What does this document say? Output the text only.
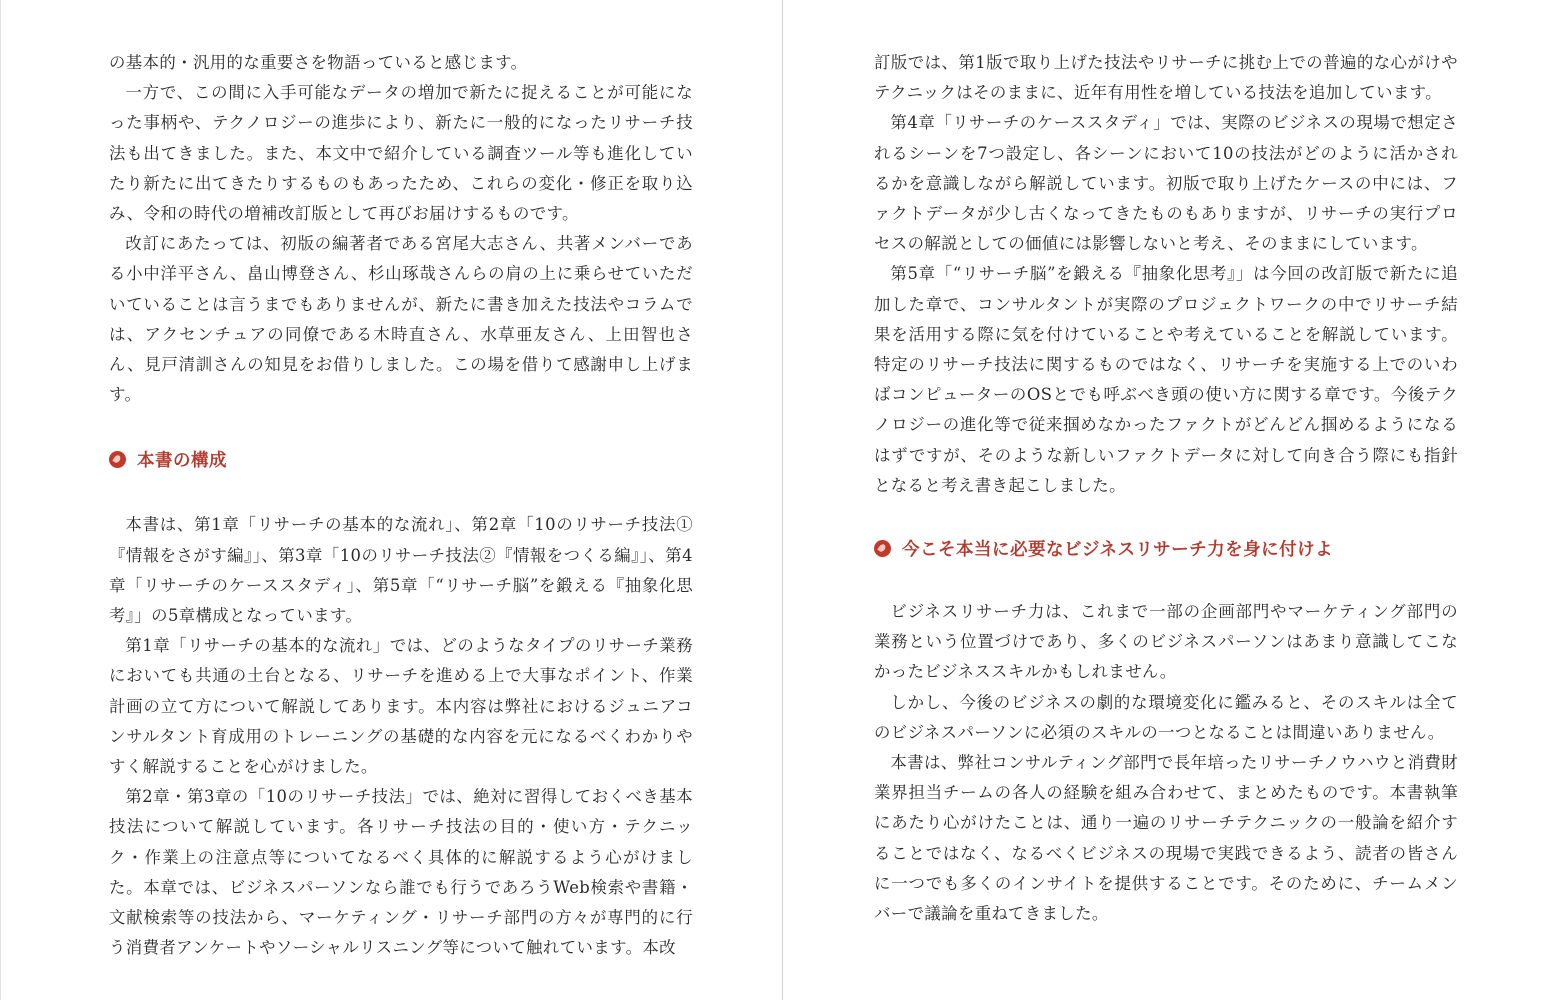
の基本的・汎用的な重要さを物語っていると感じます。

一方で、この間に入手可能なデータの増加で新たに捉えることが可能になった事柄や、テクノロジーの進歩により、新たに一般的になったリサーチ技法も出てきました。また、本文中で紹介している調査ツール等も進化していたり新たに出てきたりするものもあったため、これらの変化・修正を取り込み、令和の時代の増補改訂版として再びお届けするものです。

改訂にあたっては、初版の編著者である宮尾大志さん、共著メンバーである小中洋平さん、畠山博登さん、杉山琢哉さんらの肩の上に乗らせていただいていることは言うまでもありませんが、新たに書き加えた技法やコラムでは、アクセンチュアの同僚である木時直さん、水草亜友さん、上田智也さん、見戸清訓さんの知見をお借りしました。この場を借りて感謝申し上げます。

本書の構成

本書は、第1章「リサーチの基本的な流れ」、第2章「10のリサーチ技法①『情報をさがす編』」、第3章「10のリサーチ技法②『情報をつくる編』」、第4章「リサーチのケーススタディ」、第5章「“リサーチ脳”を鍛える『抽象化思考』」の5章構成となっています。

第1章「リサーチの基本的な流れ」では、どのようなタイプのリサーチ業務においても共通の土台となる、リサーチを進める上で大事なポイント、作業計画の立て方について解説してあります。本内容は弊社におけるジュニアコンサルタント育成用のトレーニングの基礎的な内容を元になるべくわかりやすく解説することを心がけました。

第2章・第3章の「10のリサーチ技法」では、絶対に習得しておくべき基本技法について解説しています。各リサーチ技法の目的・使い方・テクニック・作業上の注意点等についてなるべく具体的に解説するよう心がけました。本章では、ビジネスパーソンなら誰でも行うであろうWeb検索や書籍・文献検索等の技法から、マーケティング・リサーチ部門の方々が専門的に行う消費者アンケートやソーシャルリスニング等について触れています。本改

訂版では、第1版で取り上げた技法やリサーチに挑む上での普遍的な心がけやテクニックはそのままに、近年有用性を増している技法を追加しています。

第4章「リサーチのケーススタディ」では、実際のビジネスの現場で想定されるシーンを7つ設定し、各シーンにおいて10の技法がどのように活かされるかを意識しながら解説しています。初版で取り上げたケースの中には、ファクトデータが少し古くなってきたものもありますが、リサーチの実行プロセスの解説としての価値には影響しないと考え、そのままにしています。

第5章「“リサーチ脳”を鍛える『抽象化思考』」は今回の改訂版で新たに追加した章で、コンサルタントが実際のプロジェクトワークの中でリサーチ結果を活用する際に気を付けていることや考えていることを解説しています。特定のリサーチ技法に関するものではなく、リサーチを実施する上でのいわばコンピューターのOSとでも呼ぶべき頭の使い方に関する章です。今後テクノロジーの進化等で従来掴めなかったファクトがどんどん掴めるようになるはずですが、そのような新しいファクトデータに対して向き合う際にも指針となると考え書き起こしました。

今こそ本当に必要なビジネスリサーチ力を身に付けよ

ビジネスリサーチ力は、これまで一部の企画部門やマーケティング部門の業務という位置づけであり、多くのビジネスパーソンはあまり意識してこなかったビジネススキルかもしれません。

しかし、今後のビジネスの劇的な環境変化に鑑みると、そのスキルは全てのビジネスパーソンに必須のスキルの一つとなることは間違いありません。

本書は、弊社コンサルティング部門で長年培ったリサーチノウハウと消費財業界担当チームの各人の経験を組み合わせて、まとめたものです。本書執筆にあたり心がけたことは、通り一遍のリサーチテクニックの一般論を紹介することではなく、なるべくビジネスの現場で実践できるよう、読者の皆さんに一つでも多くのインサイトを提供することです。そのために、チームメンバーで議論を重ねてきました。
